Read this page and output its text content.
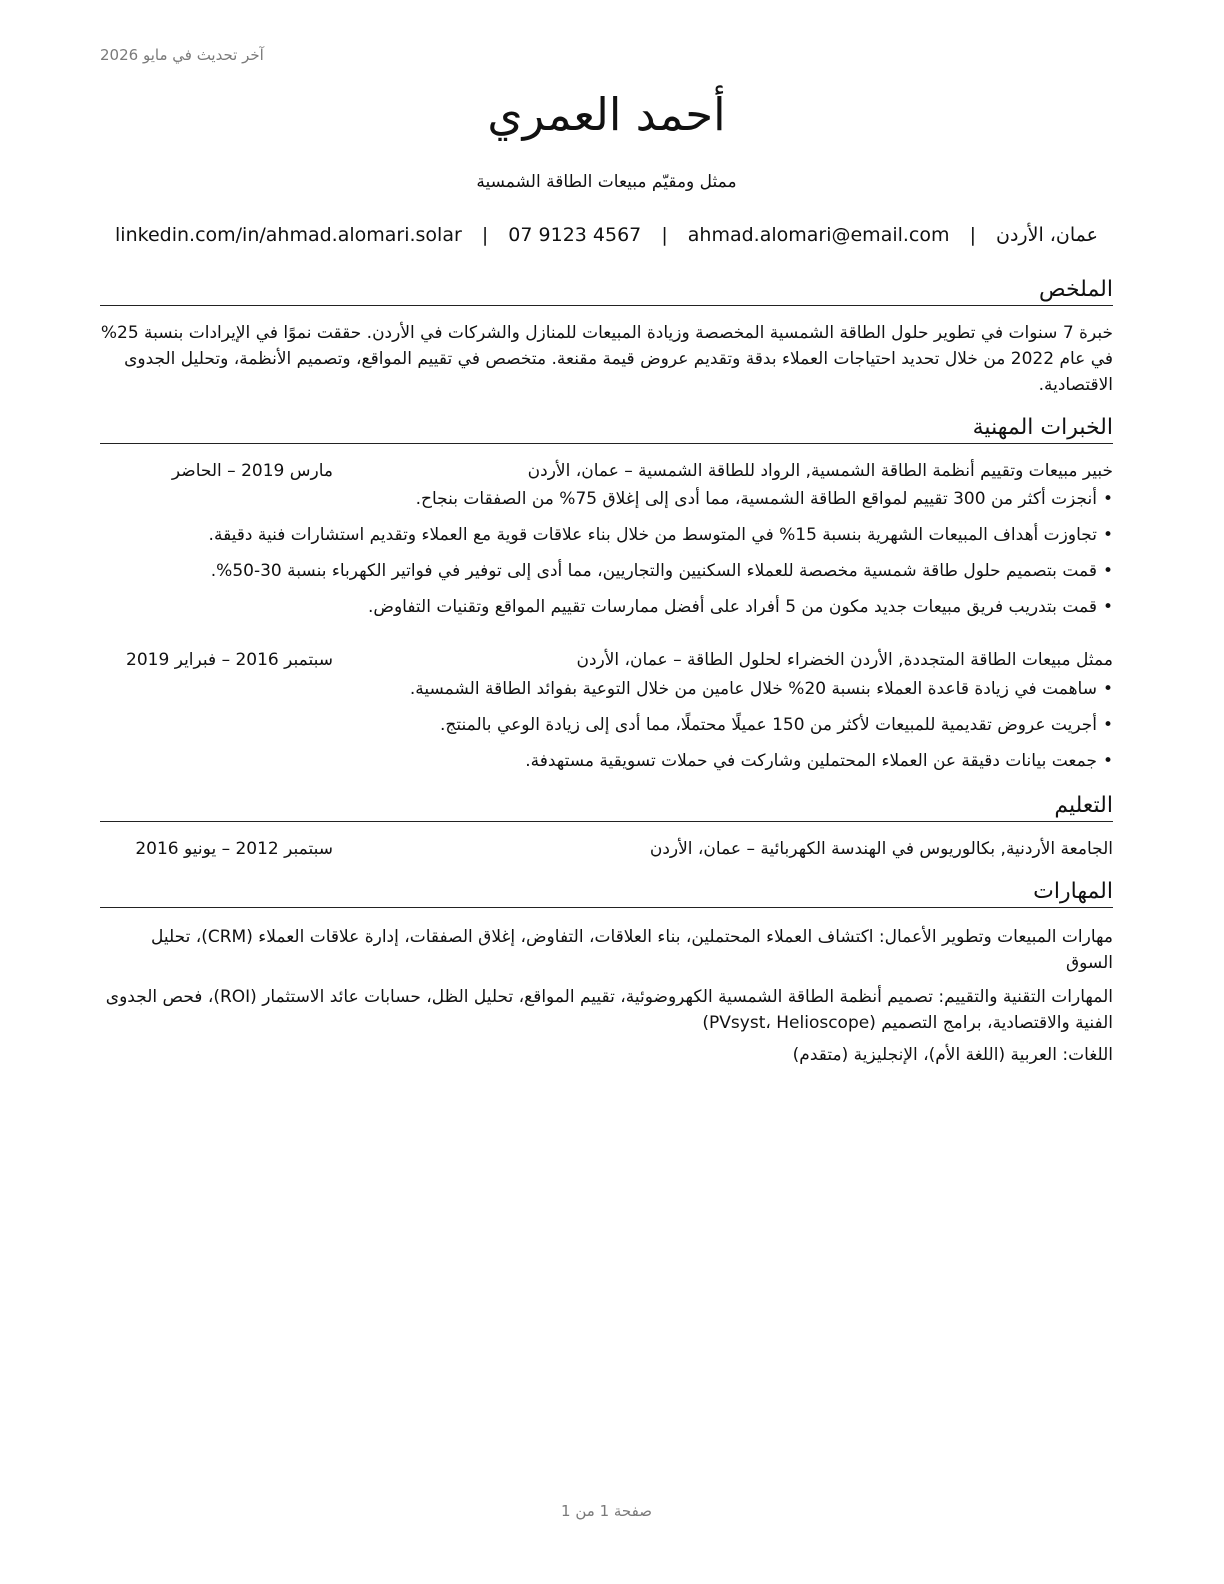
آخر تحديث في مايو 2026
أحمد العمري
ممثل ومقيّم مبيعات الطاقة الشمسية
عمان، الأردن | ahmad.alomari@email.com | 07 9123 4567 | linkedin.com/in/ahmad.alomari.solar
الملخص

خبرة 7 سنوات في تطوير حلول الطاقة الشمسية المخصصة وزيادة المبيعات للمنازل والشركات في الأردن. حققت نموًا في الإيرادات بنسبة 25% في عام 2022 من خلال تحديد احتياجات العملاء بدقة وتقديم عروض قيمة مقنعة. متخصص في تقييم المواقع، وتصميم الأنظمة، وتحليل الجدوى الاقتصادية.

الخبرات المهنية
خبير مبيعات وتقييم أنظمة الطاقة الشمسية, الرواد للطاقة الشمسية – عمان، الأردن
مارس 2019 – الحاضر
•أنجزت أكثر من 300 تقييم لمواقع الطاقة الشمسية، مما أدى إلى إغلاق 75% من الصفقات بنجاح.
•تجاوزت أهداف المبيعات الشهرية بنسبة 15% في المتوسط من خلال بناء علاقات قوية مع العملاء وتقديم استشارات فنية دقيقة.
•قمت بتصميم حلول طاقة شمسية مخصصة للعملاء السكنيين والتجاريين، مما أدى إلى توفير في فواتير الكهرباء بنسبة 30-50%.
•قمت بتدريب فريق مبيعات جديد مكون من 5 أفراد على أفضل ممارسات تقييم المواقع وتقنيات التفاوض.
ممثل مبيعات الطاقة المتجددة, الأردن الخضراء لحلول الطاقة – عمان، الأردن
سبتمبر 2016 – فبراير 2019
•ساهمت في زيادة قاعدة العملاء بنسبة 20% خلال عامين من خلال التوعية بفوائد الطاقة الشمسية.
•أجريت عروض تقديمية للمبيعات لأكثر من 150 عميلًا محتملًا، مما أدى إلى زيادة الوعي بالمنتج.
•جمعت بيانات دقيقة عن العملاء المحتملين وشاركت في حملات تسويقية مستهدفة.
التعليم
الجامعة الأردنية, بكالوريوس في الهندسة الكهربائية – عمان، الأردن
سبتمبر 2012 – يونيو 2016
المهارات

مهارات المبيعات وتطوير الأعمال: اكتشاف العملاء المحتملين، بناء العلاقات، التفاوض، إغلاق الصفقات، إدارة علاقات العملاء (CRM)، تحليل السوق

المهارات التقنية والتقييم: تصميم أنظمة الطاقة الشمسية الكهروضوئية، تقييم المواقع، تحليل الظل، حسابات عائد الاستثمار (ROI)، فحص الجدوى الفنية والاقتصادية، برامج التصميم (PVsyst، Helioscope)

اللغات: العربية (اللغة الأم)، الإنجليزية (متقدم)

صفحة 1 من 1
